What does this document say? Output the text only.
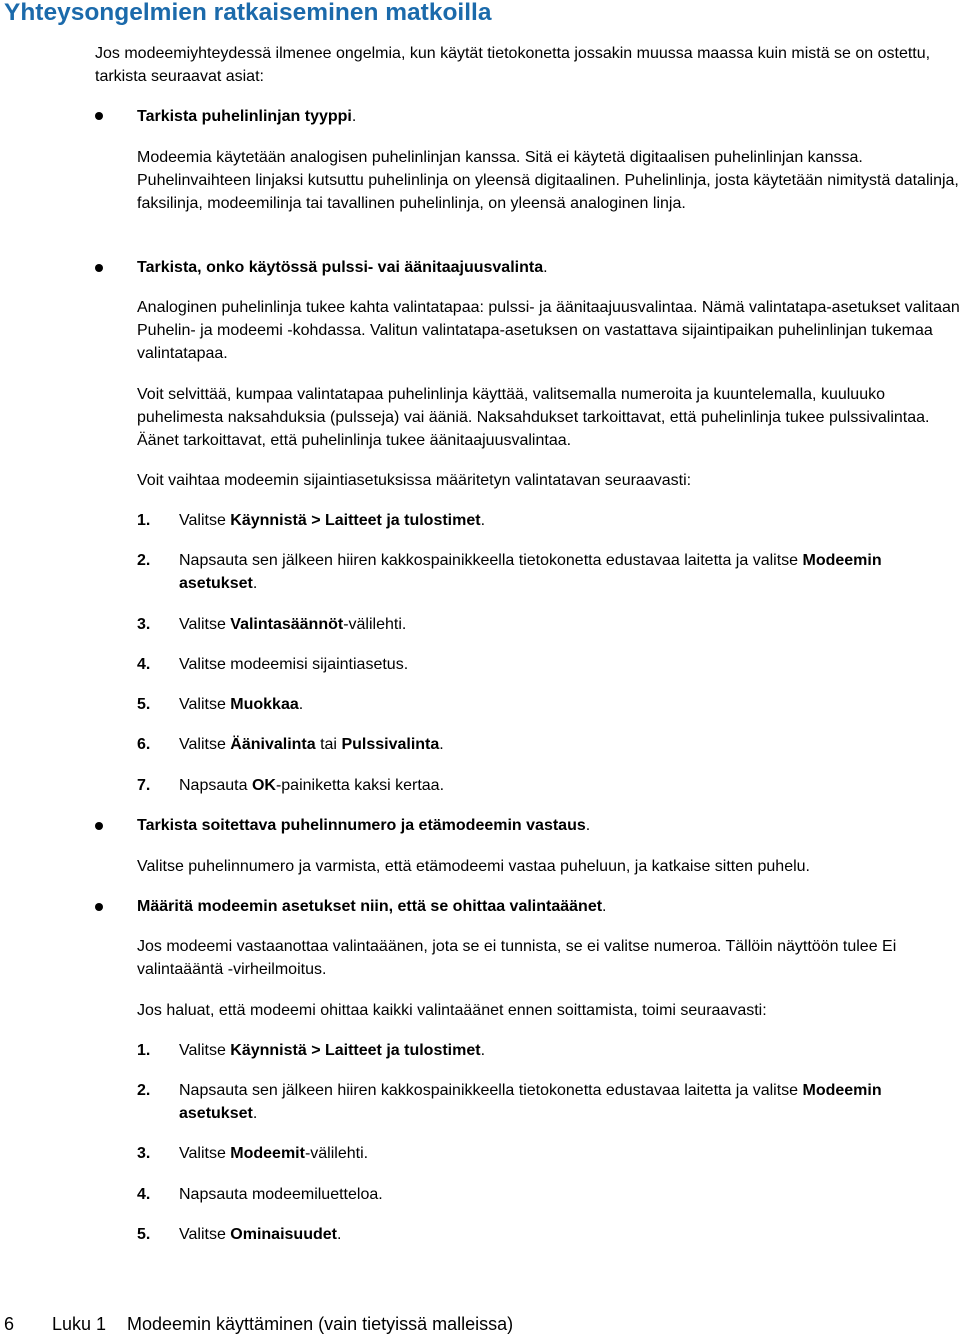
Yhteysongelmien ratkaiseminen matkoilla

Jos modeemiyhteydessä ilmenee ongelmia, kun käytät tietokonetta jossakin muussa maassa kuin mistä se on ostettu, tarkista seuraavat asiat:

Tarkista puhelinlinjan tyyppi.

Modeemia käytetään analogisen puhelinlinjan kanssa. Sitä ei käytetä digitaalisen puhelinlinjan kanssa. Puhelinvaihteen linjaksi kutsuttu puhelinlinja on yleensä digitaalinen. Puhelinlinja, josta käytetään nimitystä datalinja, faksilinja, modeemilinja tai tavallinen puhelinlinja, on yleensä analoginen linja.

Tarkista, onko käytössä pulssi- vai äänitaajuusvalinta.

Analoginen puhelinlinja tukee kahta valintatapaa: pulssi- ja äänitaajuusvalintaa. Nämä valintatapa-asetukset valitaan Puhelin- ja modeemi -kohdassa. Valitun valintatapa-asetuksen on vastattava sijaintipaikan puhelinlinjan tukemaa valintatapaa.

Voit selvittää, kumpaa valintatapaa puhelinlinja käyttää, valitsemalla numeroita ja kuuntelemalla, kuuluuko puhelimesta naksahduksia (pulsseja) vai ääniä. Naksahdukset tarkoittavat, että puhelinlinja tukee pulssivalintaa. Äänet tarkoittavat, että puhelinlinja tukee äänitaajuusvalintaa.

Voit vaihtaa modeemin sijaintiasetuksissa määritetyn valintatavan seuraavasti:

1. Valitse Käynnistä > Laitteet ja tulostimet.

2. Napsauta sen jälkeen hiiren kakkospainikkeella tietokonetta edustavaa laitetta ja valitse Modeemin asetukset.

3. Valitse Valintasäännöt-välilehti.

4. Valitse modeemisi sijaintiasetus.

5. Valitse Muokkaa.

6. Valitse Äänivalinta tai Pulssivalinta.

7. Napsauta OK-painiketta kaksi kertaa.

Tarkista soitettava puhelinnumero ja etämodeemin vastaus.

Valitse puhelinnumero ja varmista, että etämodeemi vastaa puheluun, ja katkaise sitten puhelu.

Määritä modeemin asetukset niin, että se ohittaa valintaäänet.

Jos modeemi vastaanottaa valintaäänen, jota se ei tunnista, se ei valitse numeroa. Tällöin näyttöön tulee Ei valintaääntä -virheilmoitus.

Jos haluat, että modeemi ohittaa kaikki valintaäänet ennen soittamista, toimi seuraavasti:

1. Valitse Käynnistä > Laitteet ja tulostimet.

2. Napsauta sen jälkeen hiiren kakkospainikkeella tietokonetta edustavaa laitetta ja valitse Modeemin asetukset.

3. Valitse Modeemit-välilehti.

4. Napsauta modeemiluetteloa.

5. Valitse Ominaisuudet.

6 Luku 1 Modeemin käyttäminen (vain tietyissä malleissa)
